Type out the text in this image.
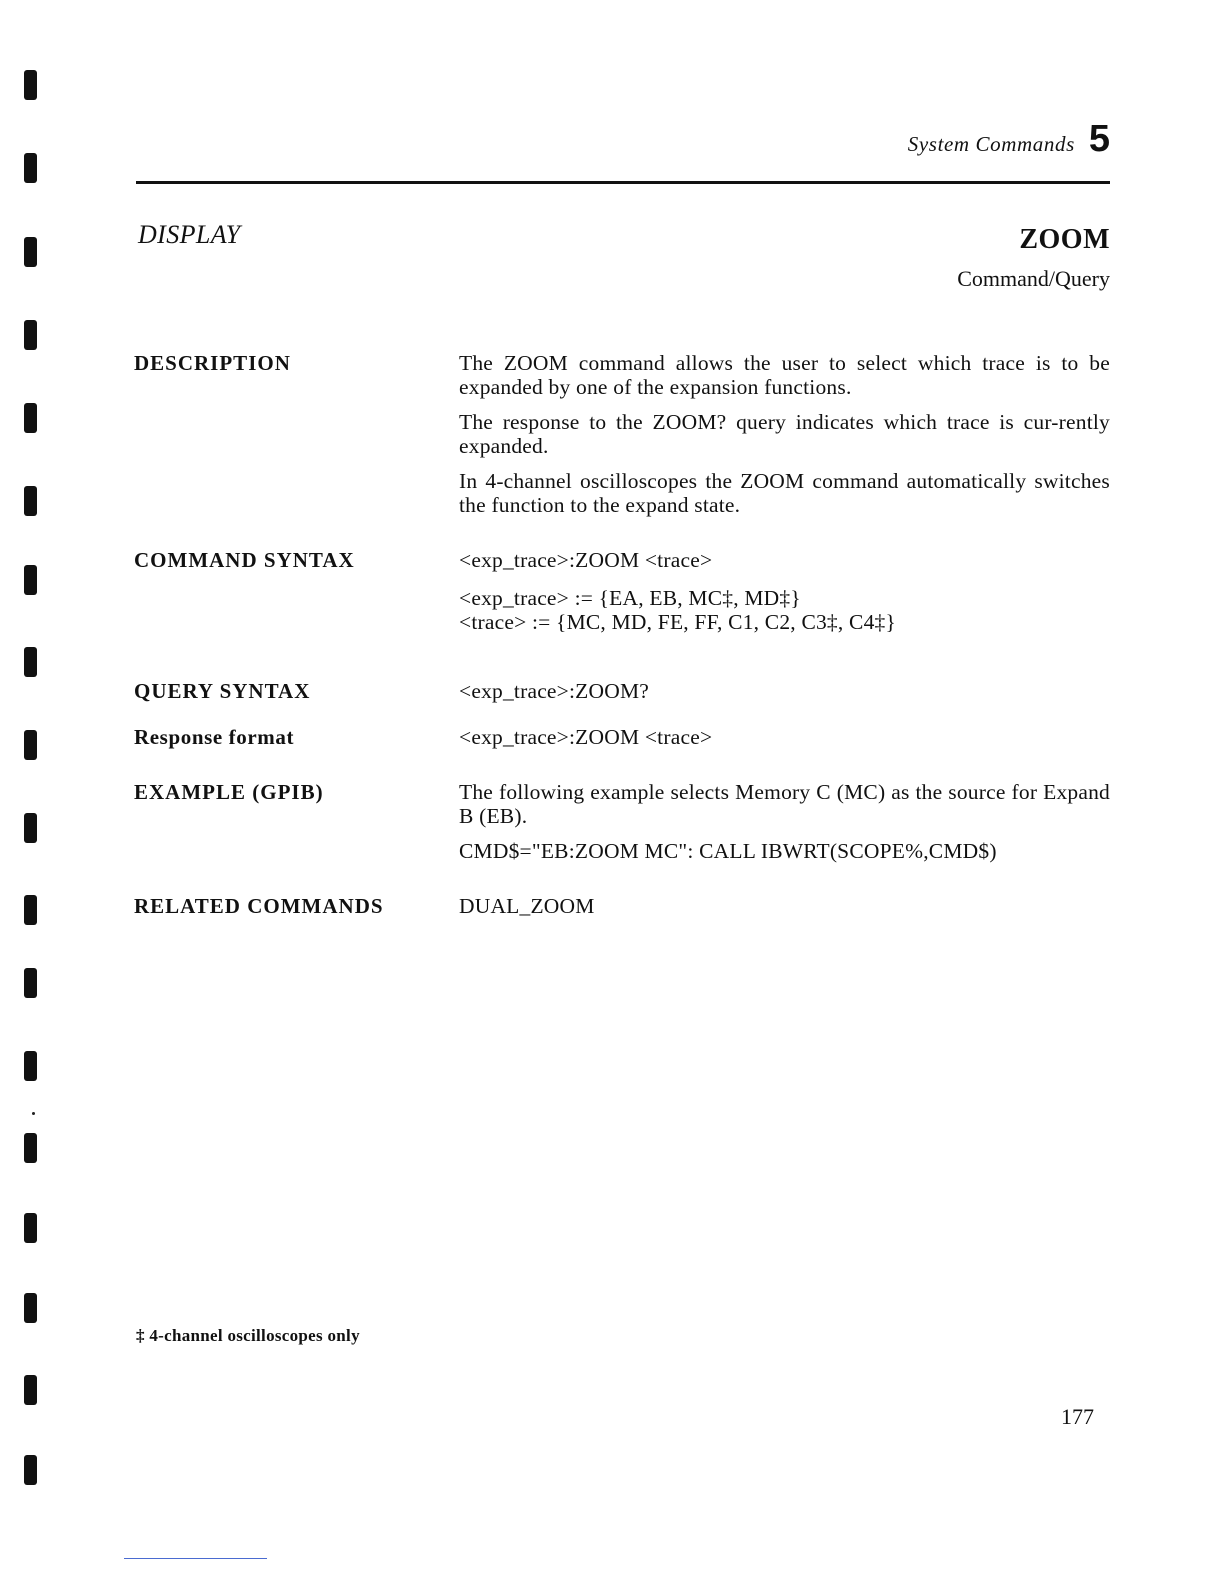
System Commands 5
DISPLAY	ZOOM
Command/Query
DESCRIPTION	The ZOOM command allows the user to select which trace is to be expanded by one of the expansion functions.

The response to the ZOOM? query indicates which trace is cur-rently expanded.

In 4-channel oscilloscopes the ZOOM command automatically switches the function to the expand state.

COMMAND SYNTAX	<exp_trace>:ZOOM <trace>
<exp_trace> := {EA, EB, MC‡, MD‡}
<trace> := {MC, MD, FE, FF, C1, C2, C3‡, C4‡}
QUERY SYNTAX	<exp_trace>:ZOOM?
Response format	<exp_trace>:ZOOM <trace>
EXAMPLE (GPIB)	The following example selects Memory C (MC) as the source for Expand B (EB).

CMD$="EB:ZOOM MC": CALL IBWRT(SCOPE%,CMD$)
RELATED COMMANDS	DUAL_ZOOM
‡ 4-channel oscilloscopes only
177
